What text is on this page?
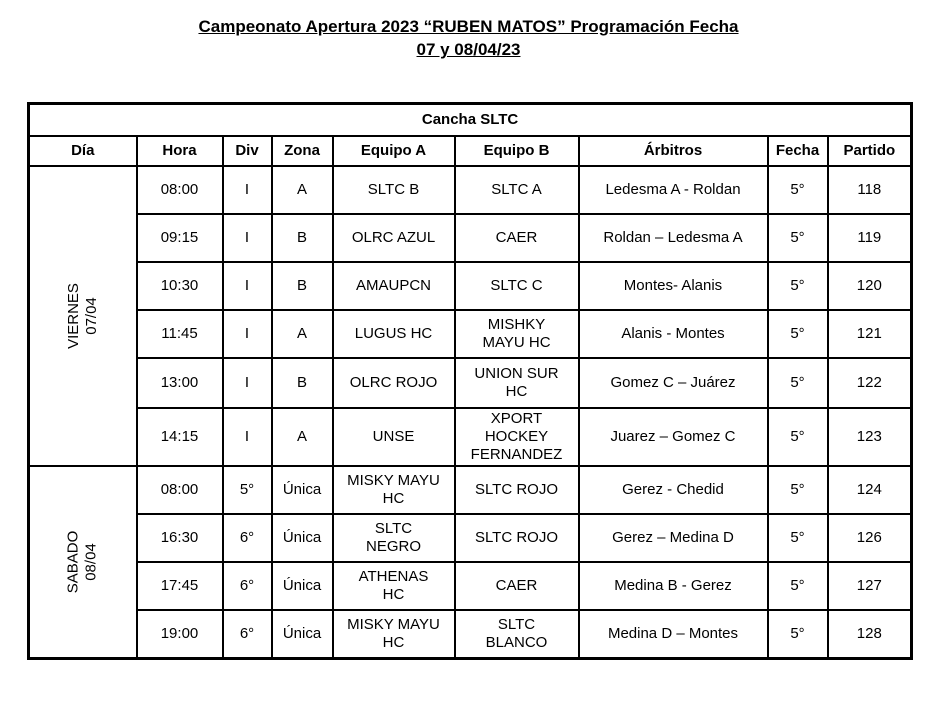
Campeonato Apertura 2023 “RUBEN MATOS” Programación Fecha
07 y 08/04/23
Cancha SLTC								
Día	Hora	Div	Zona	Equipo A	Equipo B	Árbitros	Fecha	Partido

VIERNES 07/04	08:00	I	A	SLTC B	SLTC A	Ledesma A - Roldan	5°	118
	09:15	I	B	OLRC AZUL	CAER	Roldan – Ledesma A	5°	119
	10:30	I	B	AMAUPCN	SLTC C	Montes- Alanis	5°	120
	11:45	I	A	LUGUS HC	MISHKY
MAYU HC	Alanis - Montes	5°	121
	13:00	I	B	OLRC ROJO	UNION SUR
HC	Gomez C – Juárez	5°	122
	14:15	I	A	UNSE	XPORT
HOCKEY
FERNANDEZ	Juarez – Gomez C	5°	123

SABADO 08/04	08:00	5°	Única	MISKY MAYU
HC	SLTC ROJO	Gerez - Chedid	5°	124
	16:30	6°	Única	SLTC
NEGRO	SLTC ROJO	Gerez – Medina D	5°	126
	17:45	6°	Única	ATHENAS
HC	CAER	Medina B - Gerez	5°	127
	19:00	6°	Única	MISKY MAYU
HC	SLTC
BLANCO	Medina D – Montes	5°	128
